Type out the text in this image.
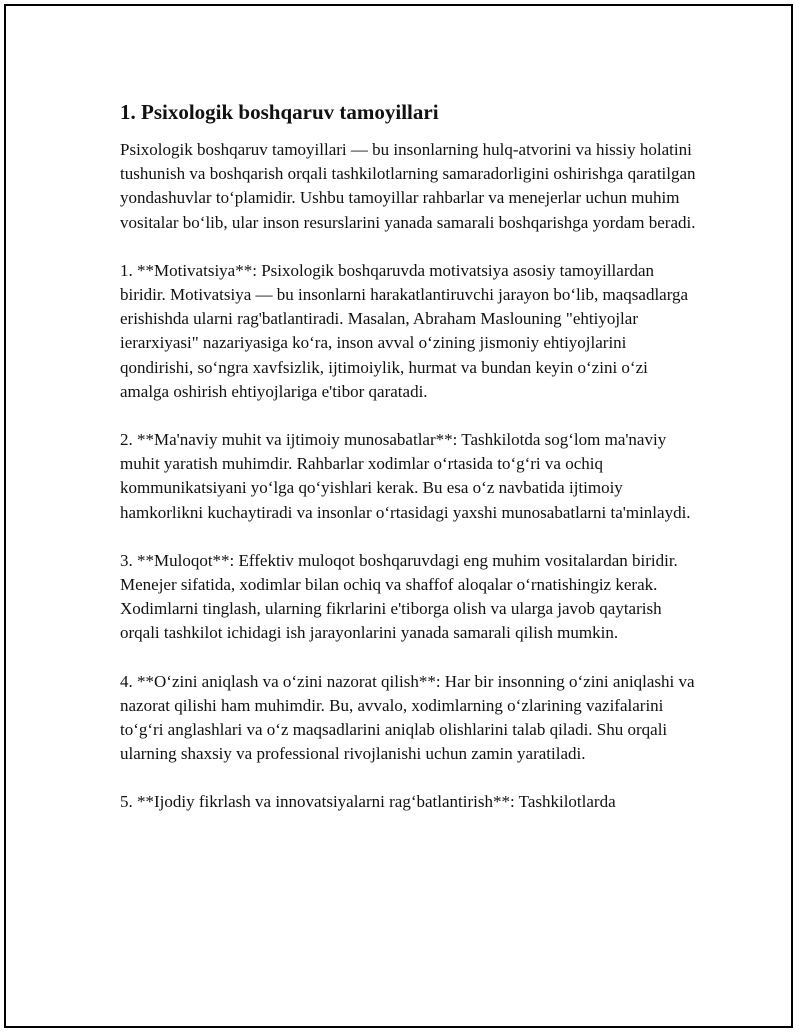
1. Psixologik boshqaruv tamoyillari

Psixologik boshqaruv tamoyillari — bu insonlarning hulq-atvorini va hissiy holatini tushunish va boshqarish orqali tashkilotlarning samaradorligini oshirishga qaratilgan yondashuvlar to‘plamidir. Ushbu tamoyillar rahbarlar va menejerlar uchun muhim vositalar bo‘lib, ular inson resurslarini yanada samarali boshqarishga yordam beradi.

1. **Motivatsiya**: Psixologik boshqaruvda motivatsiya asosiy tamoyillardan biridir. Motivatsiya — bu insonlarni harakatlantiruvchi jarayon bo‘lib, maqsadlarga erishishda ularni rag'batlantiradi. Masalan, Abraham Maslouning "ehtiyojlar ierarxiyasi" nazariyasiga ko‘ra, inson avval o‘zining jismoniy ehtiyojlarini qondirishi, so‘ngra xavfsizlik, ijtimoiylik, hurmat va bundan keyin o‘zini o‘zi amalga oshirish ehtiyojlariga e'tibor qaratadi.

2. **Ma'naviy muhit va ijtimoiy munosabatlar**: Tashkilotda sog‘lom ma'naviy muhit yaratish muhimdir. Rahbarlar xodimlar o‘rtasida to‘g‘ri va ochiq kommunikatsiyani yo‘lga qo‘yishlari kerak. Bu esa o‘z navbatida ijtimoiy hamkorlikni kuchaytiradi va insonlar o‘rtasidagi yaxshi munosabatlarni ta'minlaydi.

3. **Muloqot**: Effektiv muloqot boshqaruvdagi eng muhim vositalardan biridir. Menejer sifatida, xodimlar bilan ochiq va shaffof aloqalar o‘rnatishingiz kerak. Xodimlarni tinglash, ularning fikrlarini e'tiborga olish va ularga javob qaytarish orqali tashkilot ichidagi ish jarayonlarini yanada samarali qilish mumkin.

4. **O‘zini aniqlash va o‘zini nazorat qilish**: Har bir insonning o‘zini aniqlashi va nazorat qilishi ham muhimdir. Bu, avvalo, xodimlarning o‘zlarining vazifalarini to‘g‘ri anglashlari va o‘z maqsadlarini aniqlab olishlarini talab qiladi. Shu orqali ularning shaxsiy va professional rivojlanishi uchun zamin yaratiladi.

5. **Ijodiy fikrlash va innovatsiyalarni rag‘batlantirish**: Tashkilotlarda
